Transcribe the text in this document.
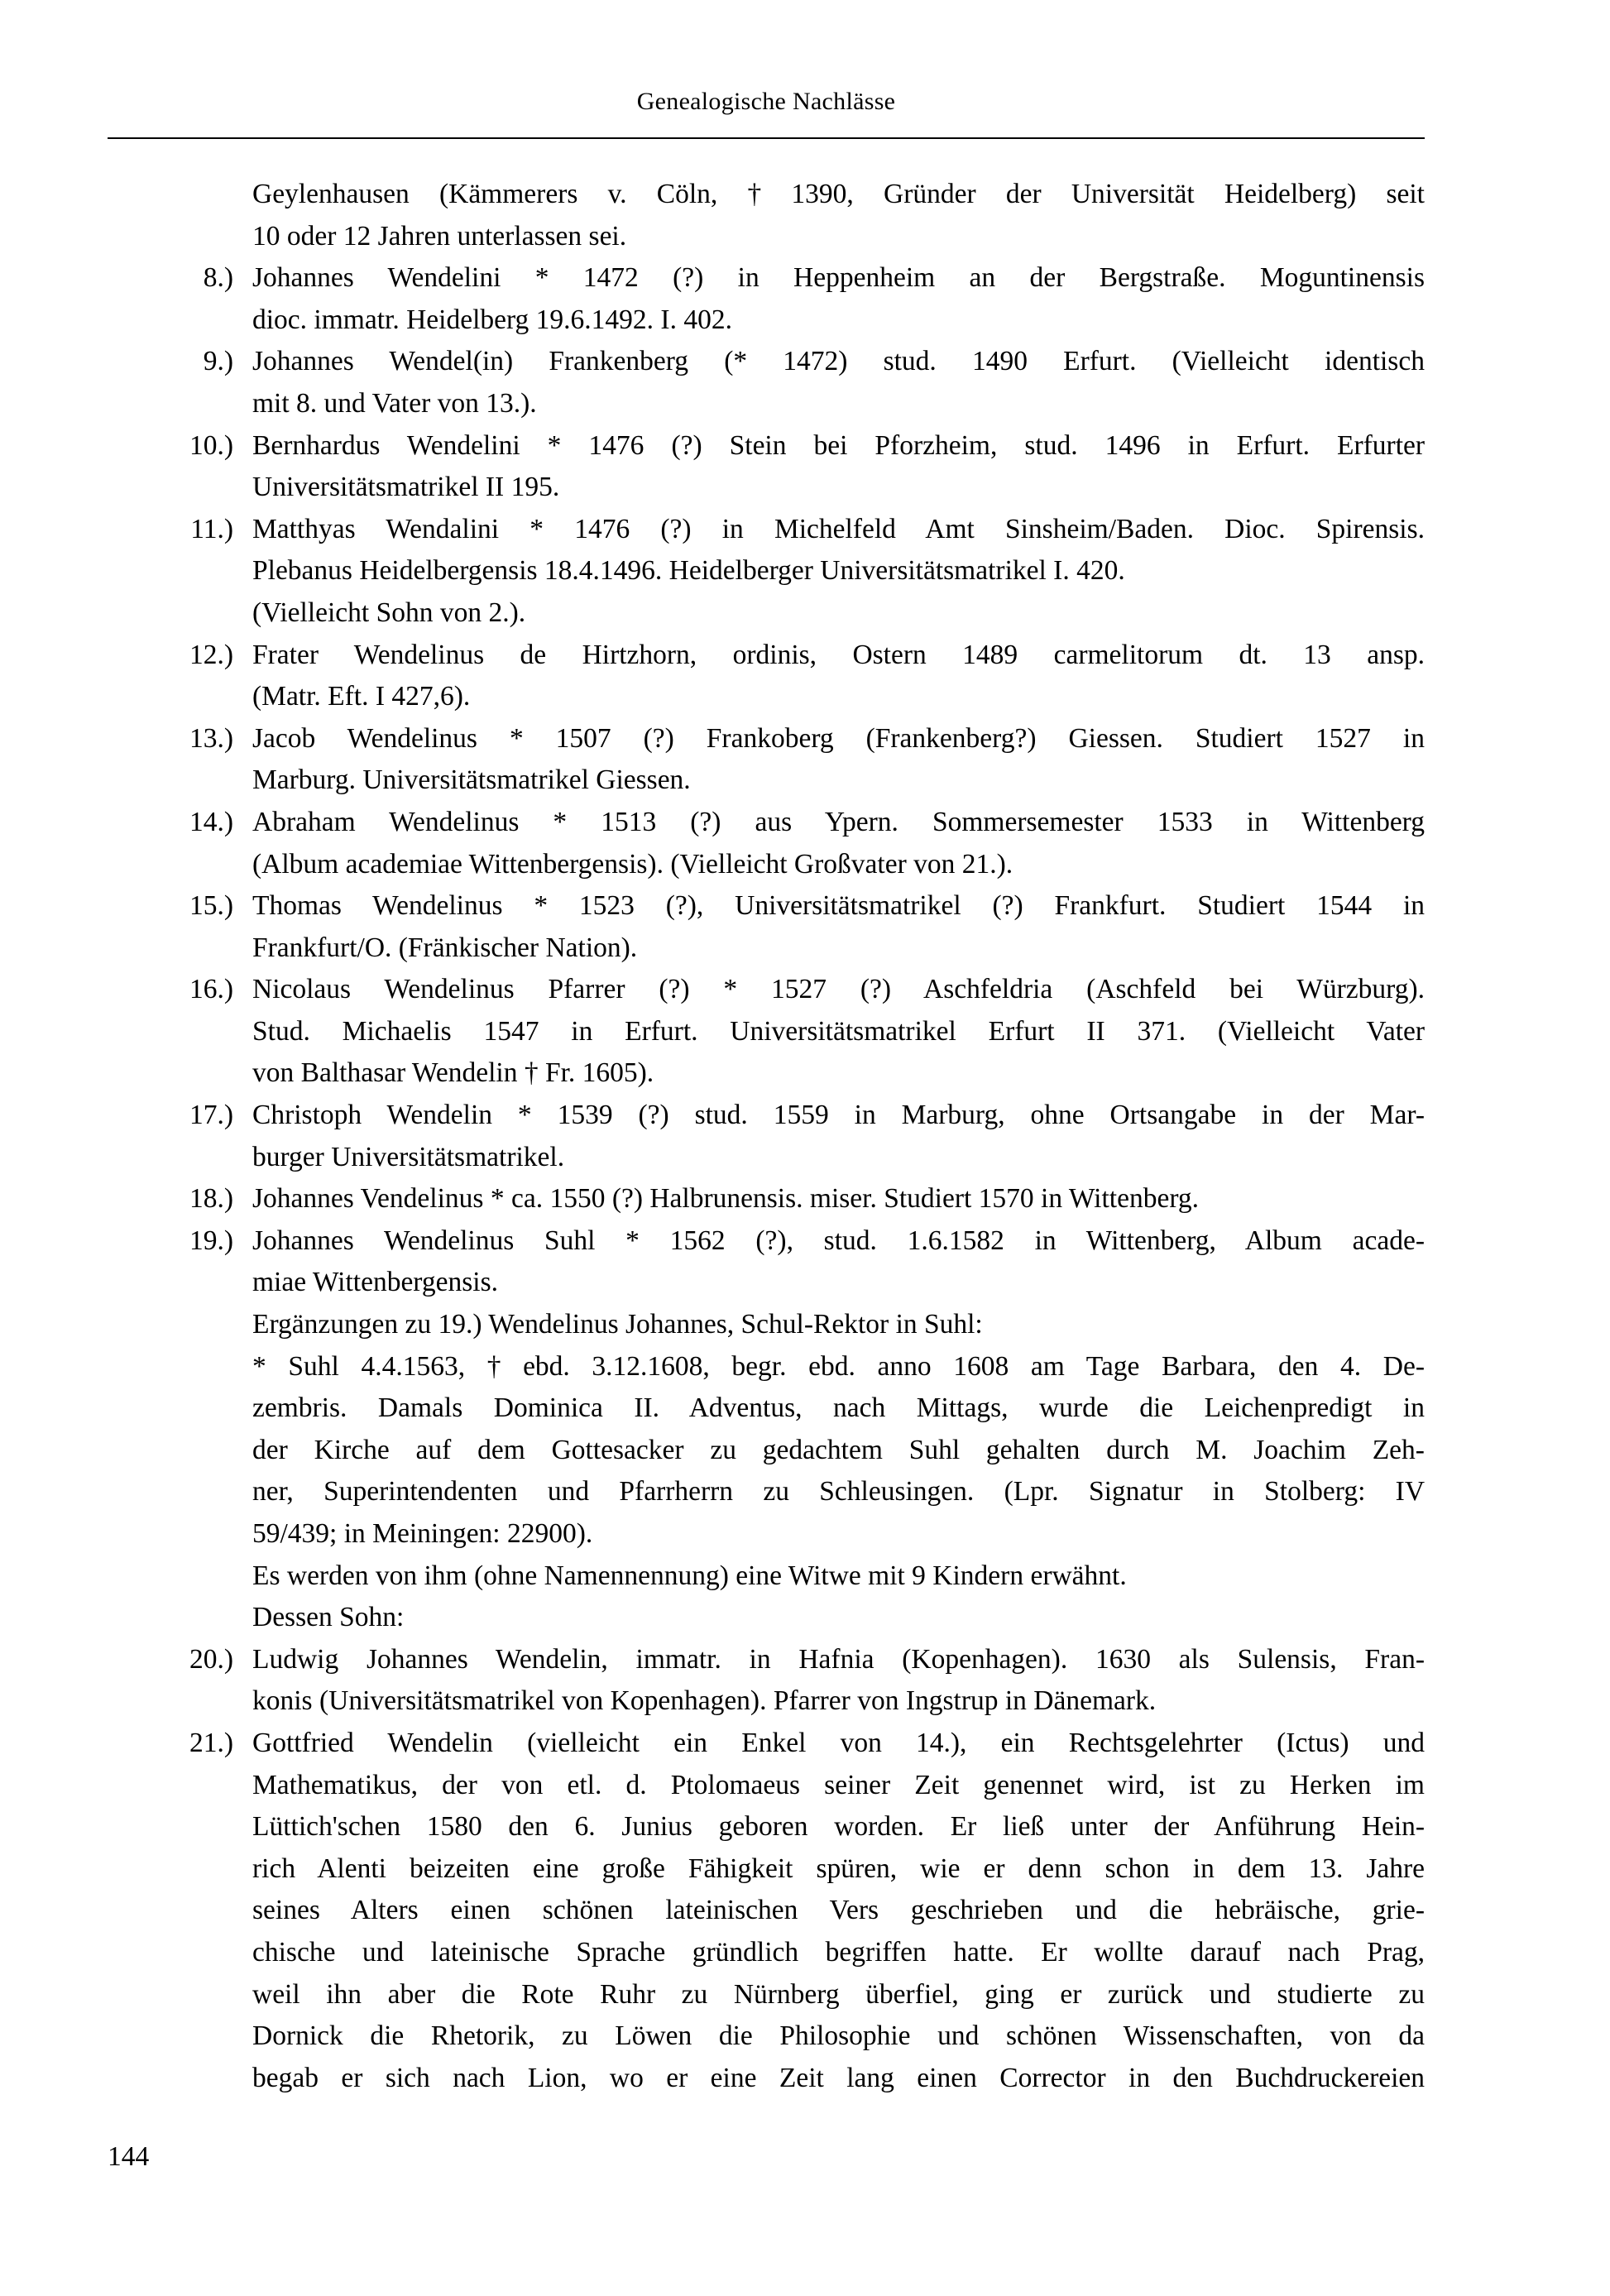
Genealogische Nachlässe

Geylenhausen (Kämmerers v. Cöln, † 1390, Gründer der Universität Heidelberg) seit
10 oder 12 Jahren unterlassen sei.

8.) Johannes Wendelini * 1472 (?) in Heppenheim an der Bergstraße. Moguntinensis
dioc. immatr. Heidelberg 19.6.1492. I. 402.
9.) Johannes Wendel(in) Frankenberg (* 1472) stud. 1490 Erfurt. (Vielleicht identisch
mit 8. und Vater von 13.).
10.) Bernhardus Wendelini * 1476 (?) Stein bei Pforzheim, stud. 1496 in Erfurt. Erfurter
Universitätsmatrikel II 195.
11.) Matthyas Wendalini * 1476 (?) in Michelfeld Amt Sinsheim/Baden. Dioc. Spirensis.
Plebanus Heidelbergensis 18.4.1496. Heidelberger Universitätsmatrikel I. 420.
(Vielleicht Sohn von 2.).
12.) Frater Wendelinus de Hirtzhorn, ordinis, Ostern 1489 carmelitorum dt. 13 ansp.
(Matr. Eft. I 427,6).
13.) Jacob Wendelinus * 1507 (?) Frankoberg (Frankenberg?) Giessen. Studiert 1527 in
Marburg. Universitätsmatrikel Giessen.
14.) Abraham Wendelinus * 1513 (?) aus Ypern. Sommersemester 1533 in Wittenberg
(Album academiae Wittenbergensis). (Vielleicht Großvater von 21.).
15.) Thomas Wendelinus * 1523 (?), Universitätsmatrikel (?) Frankfurt. Studiert 1544 in
Frankfurt/O. (Fränkischer Nation).
16.) Nicolaus Wendelinus Pfarrer (?) * 1527 (?) Aschfeldria (Aschfeld bei Würzburg).
Stud. Michaelis 1547 in Erfurt. Universitätsmatrikel Erfurt II 371. (Vielleicht Vater
von Balthasar Wendelin † Fr. 1605).
17.) Christoph Wendelin * 1539 (?) stud. 1559 in Marburg, ohne Ortsangabe in der Mar-
burger Universitätsmatrikel.
18.) Johannes Vendelinus * ca. 1550 (?) Halbrunensis. miser. Studiert 1570 in Wittenberg.
19.) Johannes Wendelinus Suhl * 1562 (?), stud. 1.6.1582 in Wittenberg, Album acade-
miae Wittenbergensis.
Ergänzungen zu 19.) Wendelinus Johannes, Schul-Rektor in Suhl:
* Suhl 4.4.1563, † ebd. 3.12.1608, begr. ebd. anno 1608 am Tage Barbara, den 4. De-
zembris. Damals Dominica II. Adventus, nach Mittags, wurde die Leichenpredigt in
der Kirche auf dem Gottesacker zu gedachtem Suhl gehalten durch M. Joachim Zeh-
ner, Superintendenten und Pfarrherrn zu Schleusingen. (Lpr. Signatur in Stolberg: IV
59/439; in Meiningen: 22900).
Es werden von ihm (ohne Namennennung) eine Witwe mit 9 Kindern erwähnt.
Dessen Sohn:
20.) Ludwig Johannes Wendelin, immatr. in Hafnia (Kopenhagen). 1630 als Sulensis, Fran-
konis (Universitätsmatrikel von Kopenhagen). Pfarrer von Ingstrup in Dänemark.
21.) Gottfried Wendelin (vielleicht ein Enkel von 14.), ein Rechtsgelehrter (Ictus) und
Mathematikus, der von etl. d. Ptolomaeus seiner Zeit genennet wird, ist zu Herken im
Lüttich'schen 1580 den 6. Junius geboren worden. Er ließ unter der Anführung Hein-
rich Alenti beizeiten eine große Fähigkeit spüren, wie er denn schon in dem 13. Jahre
seines Alters einen schönen lateinischen Vers geschrieben und die hebräische, grie-
chische und lateinische Sprache gründlich begriffen hatte. Er wollte darauf nach Prag,
weil ihn aber die Rote Ruhr zu Nürnberg überfiel, ging er zurück und studierte zu
Dornick die Rhetorik, zu Löwen die Philosophie und schönen Wissenschaften, von da
begab er sich nach Lion, wo er eine Zeit lang einen Corrector in den Buchdruckereien
144
